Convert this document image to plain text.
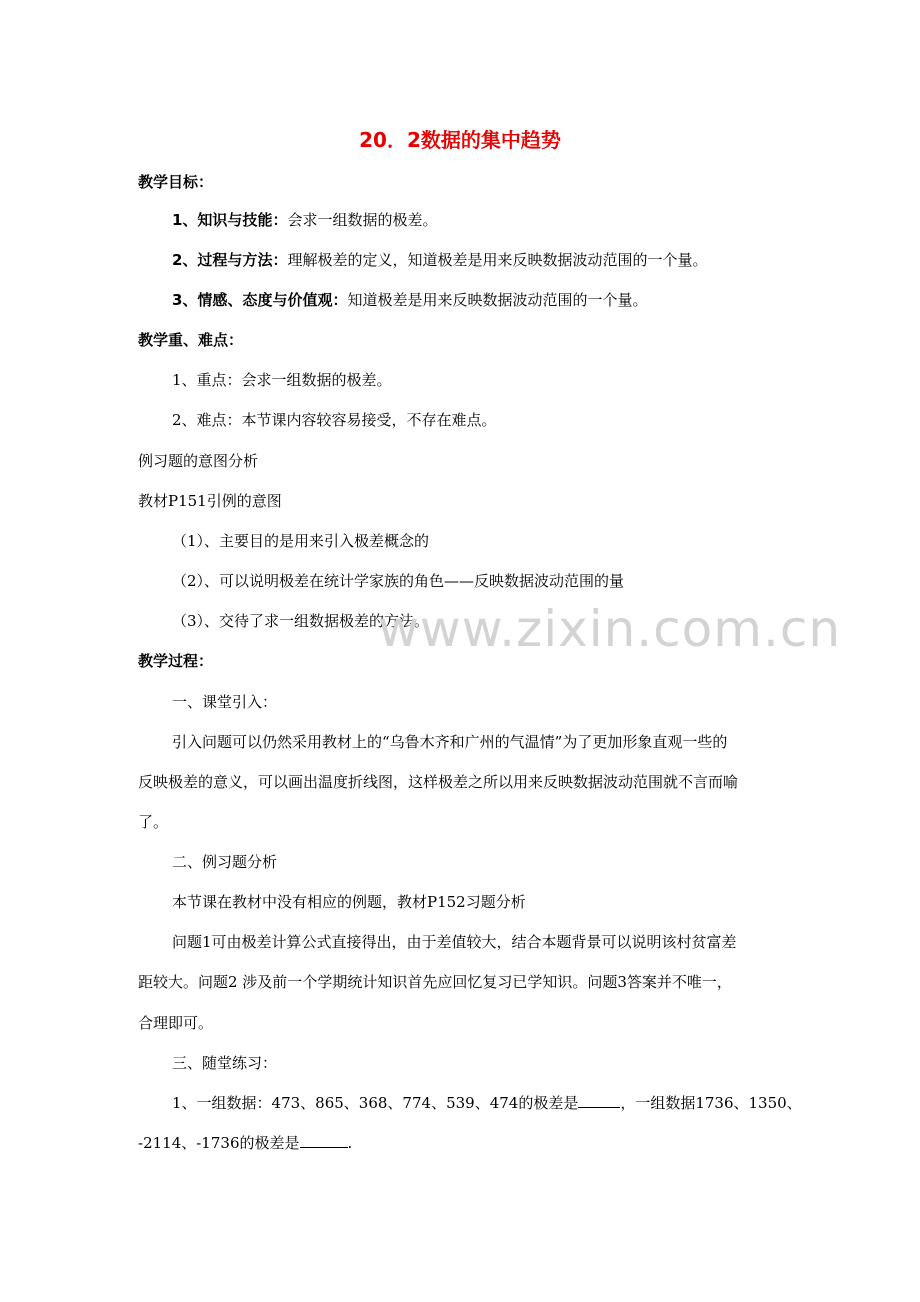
20．2数据的集中趋势
教学目标：
1、知识与技能：会求一组数据的极差。
2、过程与方法：理解极差的定义，知道极差是用来反映数据波动范围的一个量。
3、情感、态度与价值观：知道极差是用来反映数据波动范围的一个量。
教学重、难点：
1、重点：会求一组数据的极差。
2、难点：本节课内容较容易接受，不存在难点。
例习题的意图分析
教材P151引例的意图
（1）、主要目的是用来引入极差概念的
（2）、可以说明极差在统计学家族的角色——反映数据波动范围的量
（3）、交待了求一组数据极差的方法。
教学过程：
一、课堂引入：
引入问题可以仍然采用教材上的“乌鲁木齐和广州的气温情”为了更加形象直观一些的
反映极差的意义，可以画出温度折线图，这样极差之所以用来反映数据波动范围就不言而喻
了。
二、例习题分析
本节课在教材中没有相应的例题，教材P152习题分析
问题1可由极差计算公式直接得出，由于差值较大，结合本题背景可以说明该村贫富差
距较大。问题2 涉及前一个学期统计知识首先应回忆复习已学知识。问题3答案并不唯一，
合理即可。
三、随堂练习：
1、一组数据：473、865、368、774、539、474的极差是	，一组数据1736、1350、
-2114、-1736的极差是	.
www.zixin.com.cn
